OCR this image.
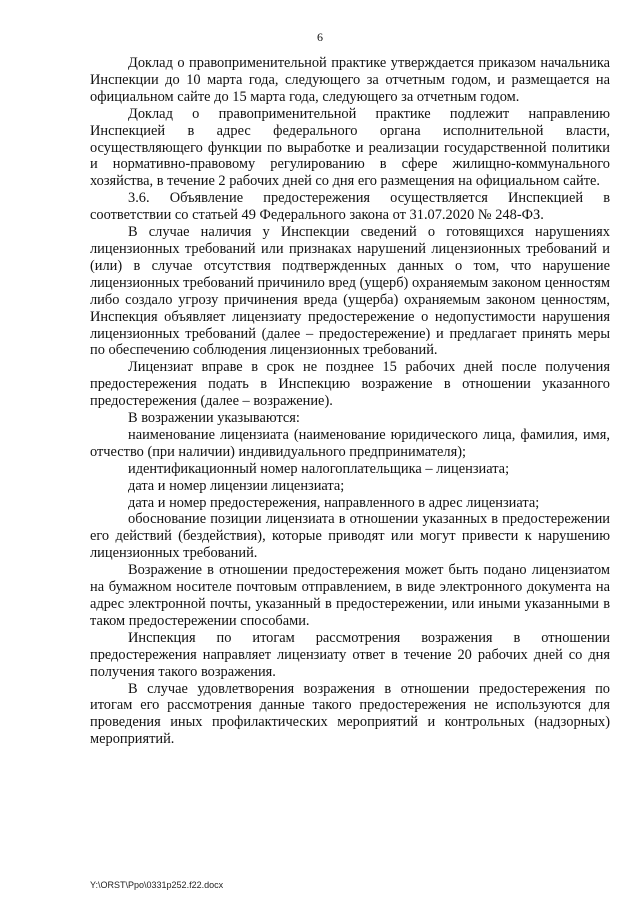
6

Доклад о правоприменительной практике утверждается приказом начальника Инспекции до 10 марта года, следующего за отчетным годом, и размещается на официальном сайте до 15 марта года, следующего за отчетным годом.

Доклад о правоприменительной практике подлежит направлению Инспекцией в адрес федерального органа исполнительной власти, осуществляющего функции по выработке и реализации государственной политики и нормативно-правовому регулированию в сфере жилищно-коммунального хозяйства, в течение 2 рабочих дней со дня его размещения на официальном сайте.

3.6. Объявление предостережения осуществляется Инспекцией в соответствии со статьей 49 Федерального закона от 31.07.2020 № 248-ФЗ.

В случае наличия у Инспекции сведений о готовящихся нарушениях лицензионных требований или признаках нарушений лицензионных требований и (или) в случае отсутствия подтвержденных данных о том, что нарушение лицензионных требований причинило вред (ущерб) охраняемым законом ценностям либо создало угрозу причинения вреда (ущерба) охраняемым законом ценностям, Инспекция объявляет лицензиату предостережение о недопустимости нарушения лицензионных требований (далее – предостережение) и предлагает принять меры по обеспечению соблюдения лицензионных требований.

Лицензиат вправе в срок не позднее 15 рабочих дней после получения предостережения подать в Инспекцию возражение в отношении указанного предостережения (далее – возражение).

В возражении указываются:

наименование лицензиата (наименование юридического лица, фамилия, имя, отчество (при наличии) индивидуального предпринимателя);

идентификационный номер налогоплательщика – лицензиата;

дата и номер лицензии лицензиата;

дата и номер предостережения, направленного в адрес лицензиата;

обоснование позиции лицензиата в отношении указанных в предостережении его действий (бездействия), которые приводят или могут привести к нарушению лицензионных требований.

Возражение в отношении предостережения может быть подано лицензиатом на бумажном носителе почтовым отправлением, в виде электронного документа на адрес электронной почты, указанный в предостережении, или иными указанными в таком предостережении способами.

Инспекция по итогам рассмотрения возражения в отношении предостережения направляет лицензиату ответ в течение 20 рабочих дней со дня получения такого возражения.

В случае удовлетворения возражения в отношении предостережения по итогам его рассмотрения данные такого предостережения не используются для проведения иных профилактических мероприятий и контрольных (надзорных) мероприятий.

Y:\ORST\Ppo\0331p252.f22.docx
